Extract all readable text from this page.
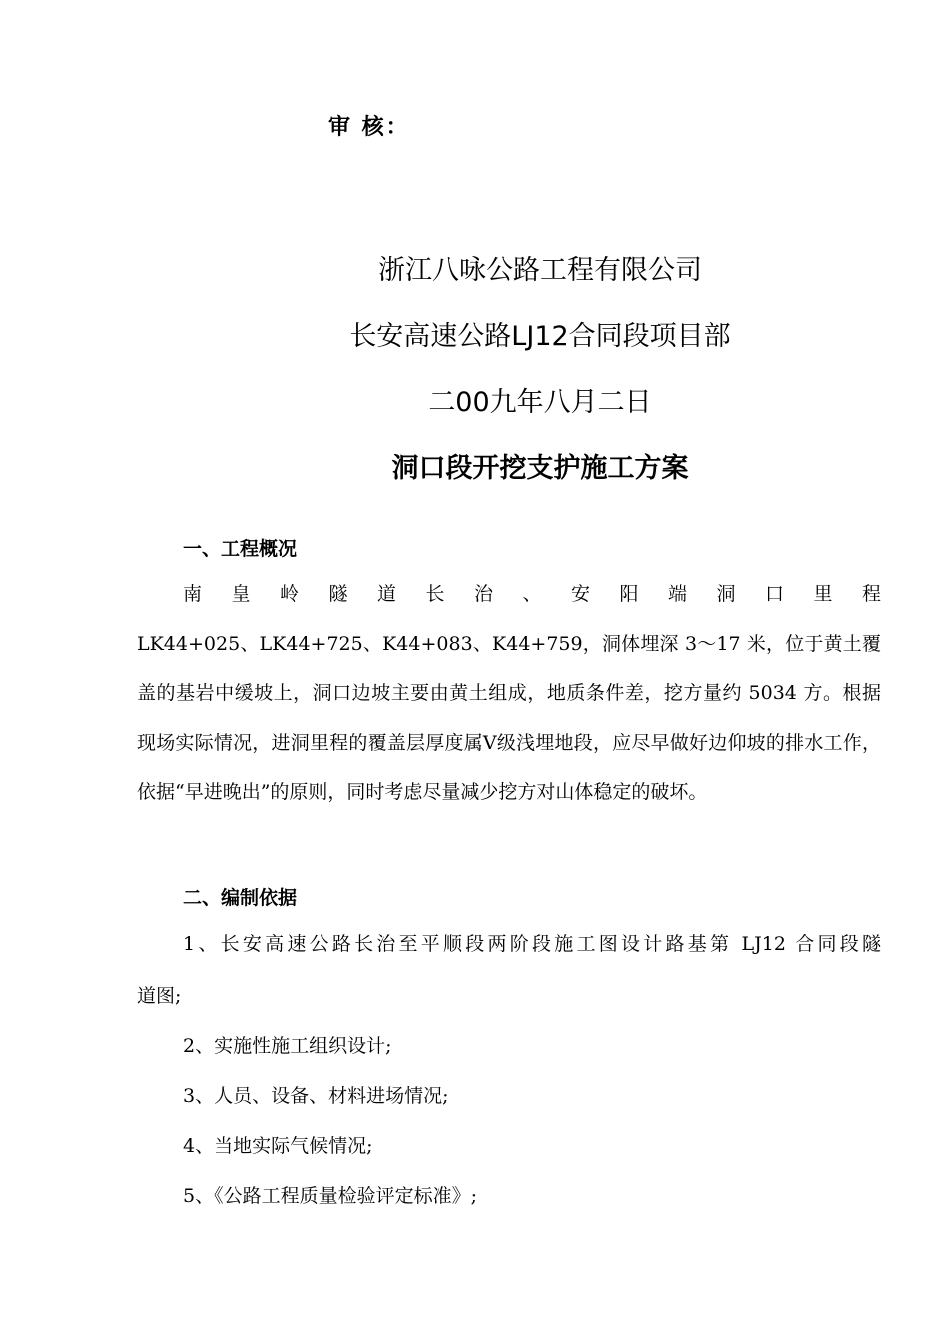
审 核：
浙江八咏公路工程有限公司
长安高速公路LJ12合同段项目部
二00九年八月二日
洞口段开挖支护施工方案
一、工程概况
南皇岭隧道长治、安阳端洞口里程
LK44+025、LK44+725、K44+083、K44+759，洞体埋深 3～17 米，位于黄土覆盖的基岩中缓坡上，洞口边坡主要由黄土组成，地质条件差，挖方量约 5034 方。根据现场实际情况，进洞里程的覆盖层厚度属Ⅴ级浅埋地段，应尽早做好边仰坡的排水工作，依据“早进晚出”的原则，同时考虑尽量减少挖方对山体稳定的破坏。
二、编制依据
1、长安高速公路长治至平顺段两阶段施工图设计路基第 LJ12 合同段隧
道图;
2、实施性施工组织设计;
3、人员、设备、材料进场情况;
4、当地实际气候情况;
5、《公路工程质量检验评定标准》;
